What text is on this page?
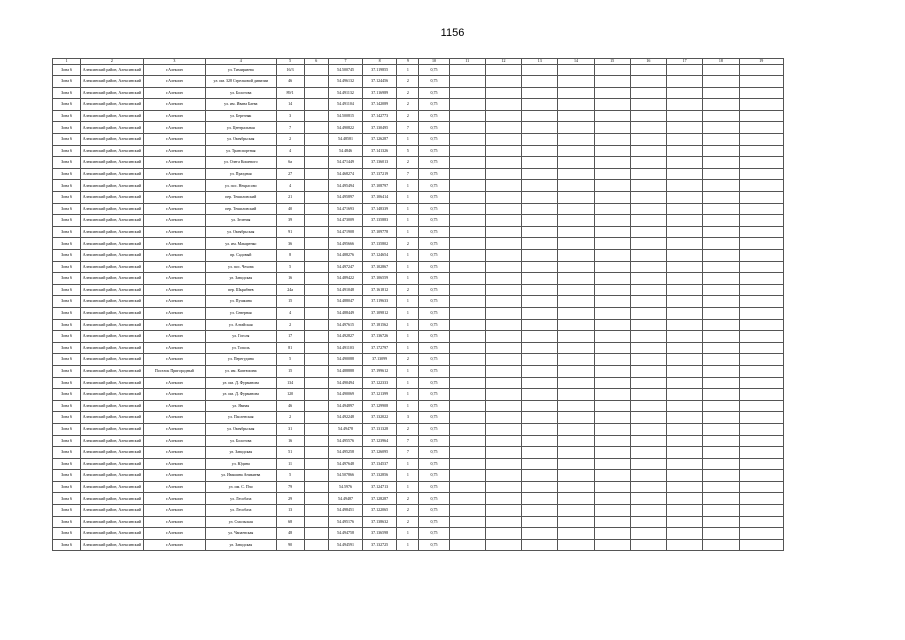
1156
1	2	3	4	5	6	7	8	9	10	11	12	13	14	15	16	17	18	19
Зона 6	Алексинский район, Алексинский	г.Алексин	ул. Тимирязева	16/3		54.500745	37.119855	1	0,75									
Зона 6	Алексинский район, Алексинский	г.Алексин	ул. им. 328 Стрелковой дивизии	46		54.496132	37.124456	2	0,75									
Зона 6	Алексинский район, Алексинский	г.Алексин	ул. Болотова	89/1		54.491132	37.116989	2	0,75									
Зона 6	Алексинский район, Алексинский	г.Алексин	ул. им. Ивана Баева	14		54.491104	37.142089	2	0,75									
Зона 6	Алексинский район, Алексинский	г.Алексин	ул. Березняк	3		54.500815	37.142773	2	0,75									
Зона 6	Алексинский район, Алексинский	г.Алексин	ул. Центральная	7		54.490822	37.130495	7	0,75									
Зона 6	Алексинский район, Алексинский	г.Алексин	ул. Октябрьская	2		54.48581	37.126287	1	0,75									
Зона 6	Алексинский район, Алексинский	г.Алексин	ул. Транспортная	4		54.4846	37.141326	5	0,75									
Зона 6	Алексинский район, Алексинский	г.Алексин	ул. Олега Кошевого	6a		54.471449	37.136013	2	0,75									
Зона 6	Алексинский район, Алексинский	г.Алексин	ул. Праздная	27		54.468274	37.137219	7	0,75									
Зона 6	Алексинский район, Алексинский	г.Алексин	ул. пос. Некрасово	4		54.495494	37.108797	1	0,75									
Зона 6	Алексинский район, Алексинский	г.Алексин	пер. Тешиловский	21		54.495897	37.106414	1	0,75									
Зона 6	Алексинский район, Алексинский	г.Алексин	пер. Тешиловский	40		54.471693	37.148339	1	0,75									
Зона 6	Алексинский район, Алексинский	г.Алексин	ул. Зеленая	39		54.473009	37.135883	1	0,75									
Зона 6	Алексинский район, Алексинский	г.Алексин	ул. Октябрьская	91		54.471908	37.109778	1	0,75									
Зона 6	Алексинский район, Алексинский	г.Алексин	ул. им. Макаренко	36		54.495666	37.135802	2	0,75									
Зона 6	Алексинский район, Алексинский	г.Алексин	пр. Садовый	8		54.488276	37.124654	1	0,75									
Зона 6	Алексинский район, Алексинский	г.Алексин	ул. пос. Чехова	5		54.497247	37.102867	1	0,75									
Зона 6	Алексинский район, Алексинский	г.Алексин	ул. Заводская	16		54.489422	37.106559	1	0,75									
Зона 6	Алексинский район, Алексинский	г.Алексин	пер. Шкрябнев	24a		54.491048	37.161812	2	0,75									
Зона 6	Алексинский район, Алексинский	г.Алексин	ул. Пушкина	15		54.488047	37.119633	1	0,75									
Зона 6	Алексинский район, Алексинский	г.Алексин	ул. Северная	4		54.488449	37.109812	1	0,75									
Зона 6	Алексинский район, Алексинский	г.Алексин	ул. Алтайская	2		54.497615	37.181562	1	0,75									
Зона 6	Алексинский район, Алексинский	г.Алексин	ул. Гоголя	17		54.492827	37.136726	1	0,75									
Зона 6	Алексинский район, Алексинский	г.Алексин	ул. Тополь	81		54.491103	37.172797	1	0,75									
Зона 6	Алексинский район, Алексинский	г.Алексин	ул. Перегудина	5		54.490088	37.13099	2	0,75									
Зона 6	Алексинский район, Алексинский	Поселок Пригородный	ул. им. Каптюхина	15		54.488888	37.199612	1	0,75									
Зона 6	Алексинский район, Алексинский	г.Алексин	ул. им. Д. Фурманова	134		54.490494	37.122333	1	0,75									
Зона 6	Алексинский район, Алексинский	г.Алексин	ул. им. Д. Фурманова	120		54.490069	37.121399	1	0,75									
Зона 6	Алексинский район, Алексинский	г.Алексин	ул. Ямная	46		54.494897	37.129908	1	0,75									
Зона 6	Алексинский район, Алексинский	г.Алексин	ул. Пасленская	2		54.492248	37.132022	3	0,75									
Зона 6	Алексинский район, Алексинский	г.Алексин	ул. Октябрьская	31		54.49478	37.131328	2	0,75									
Зона 6	Алексинский район, Алексинский	г.Алексин	ул. Болотова	16		54.495576	37.123964	7	0,75									
Зона 6	Алексинский район, Алексинский	г.Алексин	ул. Заводская	51		54.495258	37.126095	7	0,75									
Зона 6	Алексинский район, Алексинский	г.Алексин	ул. Юдина	11		54.497648	37.134537	1	0,75									
Зона 6	Алексинский район, Алексинский	г.Алексин	ул. Ивашина Аникиева	5		54.507866	37.132856	1	0,75									
Зона 6	Алексинский район, Алексинский	г.Алексин	ул. им. С. Пчо	79		54.5976	37.124713	1	0,75									
Зона 6	Алексинский район, Алексинский	г.Алексин	ул. Лесобаза	29		54.49487	37.128287	2	0,75									
Зона 6	Алексинский район, Алексинский	г.Алексин	ул. Лесобаза	13		54.498451	37.122065	2	0,75									
Зона 6	Алексинский район, Алексинский	г.Алексин	ул. Смольская	68		54.495176	37.138632	2	0,75									
Зона 6	Алексинский район, Алексинский	г.Алексин	ул. Чапаевская	48		54.494758	37.136598	1	0,75									
Зона 6	Алексинский район, Алексинский	г.Алексин	ул. Заводская	90		54.494591	37.132725	1	0,75									
